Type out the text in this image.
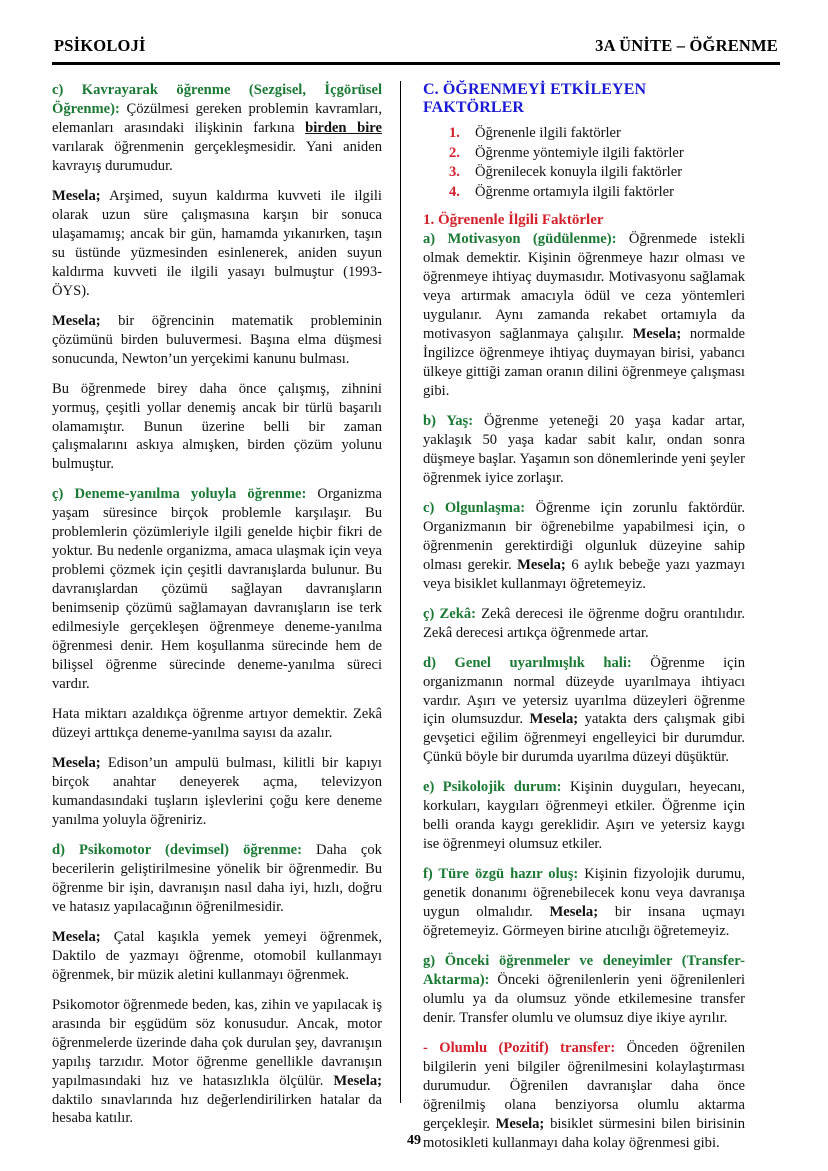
PSİKOLOJİ	3A ÜNİTE – ÖĞRENME

c) Kavrayarak öğrenme (Sezgisel, İçgörüsel Öğrenme): Çözülmesi gereken problemin kavramları, elemanları arasındaki ilişkinin farkına birden bire varılarak öğrenmenin gerçekleşmesidir. Yani aniden kavrayış durumudur.

Mesela; Arşimed, suyun kaldırma kuvveti ile ilgili olarak uzun süre çalışmasına karşın bir sonuca ulaşamamış; ancak bir gün, hamamda yıkanırken, taşın su üstünde yüzmesinden esinlenerek, aniden suyun kaldırma kuvveti ile ilgili yasayı bulmuştur (1993-ÖYS).

Mesela; bir öğrencinin matematik probleminin çözümünü birden buluvermesi. Başına elma düşmesi sonucunda, Newton’un yerçekimi kanunu bulması.

Bu öğrenmede birey daha önce çalışmış, zihnini yormuş, çeşitli yollar denemiş ancak bir türlü başarılı olamamıştır. Bunun üzerine belli bir zaman çalışmalarını askıya almışken, birden çözüm yolunu bulmuştur.

ç) Deneme-yanılma yoluyla öğrenme: Organizma yaşam süresince birçok problemle karşılaşır. Bu problemlerin çözümleriyle ilgili genelde hiçbir fikri de yoktur. Bu nedenle organizma, amaca ulaşmak için veya problemi çözmek için çeşitli davranışlarda bulunur. Bu davranışlardan çözümü sağlayan davranışların benimsenip çözümü sağlamayan davranışların ise terk edilmesiyle gerçekleşen öğrenmeye deneme-yanılma öğrenmesi denir. Hem koşullanma sürecinde hem de bilişsel öğrenme sürecinde deneme-yanılma süreci vardır.

Hata miktarı azaldıkça öğrenme artıyor demektir. Zekâ düzeyi arttıkça deneme-yanılma sayısı da azalır.

Mesela; Edison’un ampulü bulması, kilitli bir kapıyı birçok anahtar deneyerek açma, televizyon kumandasındaki tuşların işlevlerini çoğu kere deneme yanılma yoluyla öğreniriz.

d) Psikomotor (devimsel) öğrenme: Daha çok becerilerin geliştirilmesine yönelik bir öğrenmedir. Bu öğrenme bir işin, davranışın nasıl daha iyi, hızlı, doğru ve hatasız yapılacağının öğrenilmesidir.

Mesela; Çatal kaşıkla yemek yemeyi öğrenmek, Daktilo de yazmayı öğrenme, otomobil kullanmayı öğrenmek, bir müzik aletini kullanmayı öğrenmek.

Psikomotor öğrenmede beden, kas, zihin ve yapılacak iş arasında bir eşgüdüm söz konusudur. Ancak, motor öğrenmelerde üzerinde daha çok durulan şey, davranışın yapılış tarzıdır. Motor öğrenme genellikle davranışın yapılmasındaki hız ve hatasızlıkla ölçülür. Mesela; daktilo sınavlarında hız değerlendirilirken hatalar da hesaba katılır.

C. ÖĞRENMEYİ ETKİLEYEN FAKTÖRLER
1.	Öğrenenle ilgili faktörler
2.	Öğrenme yöntemiyle ilgili faktörler
3.	Öğrenilecek konuyla ilgili faktörler
4.	Öğrenme ortamıyla ilgili faktörler
1. Öğrenenle İlgili Faktörler

a) Motivasyon (güdülenme): Öğrenmede istekli olmak demektir. Kişinin öğrenmeye hazır olması ve öğrenmeye ihtiyaç duymasıdır. Motivasyonu sağlamak veya artırmak amacıyla ödül ve ceza yöntemleri uygulanır. Aynı zamanda rekabet ortamıyla da motivasyon sağlanmaya çalışılır. Mesela; normalde İngilizce öğrenmeye ihtiyaç duymayan birisi, yabancı ülkeye gittiği zaman oranın dilini öğrenmeye çalışması gibi.

b) Yaş: Öğrenme yeteneği 20 yaşa kadar artar, yaklaşık 50 yaşa kadar sabit kalır, ondan sonra düşmeye başlar. Yaşamın son dönemlerinde yeni şeyler öğrenmek iyice zorlaşır.

c) Olgunlaşma: Öğrenme için zorunlu faktördür. Organizmanın bir öğrenebilme yapabilmesi için, o öğrenmenin gerektirdiği olgunluk düzeyine sahip olması gerekir. Mesela; 6 aylık bebeğe yazı yazmayı veya bisiklet kullanmayı öğretemeyiz.

ç) Zekâ: Zekâ derecesi ile öğrenme doğru orantılıdır. Zekâ derecesi artıkça öğrenmede artar.

d) Genel uyarılmışlık hali: Öğrenme için organizmanın normal düzeyde uyarılmaya ihtiyacı vardır. Aşırı ve yetersiz uyarılma düzeyleri öğrenme için olumsuzdur. Mesela; yatakta ders çalışmak gibi gevşetici eğilim öğrenmeyi engelleyici bir durumdur. Çünkü böyle bir durumda uyarılma düzeyi düşüktür.

e) Psikolojik durum: Kişinin duyguları, heyecanı, korkuları, kaygıları öğrenmeyi etkiler. Öğrenme için belli oranda kaygı gereklidir. Aşırı ve yetersiz kaygı ise öğrenmeyi olumsuz etkiler.

f) Türe özgü hazır oluş: Kişinin fizyolojik durumu, genetik donanımı öğrenebilecek konu veya davranışa uygun olmalıdır. Mesela; bir insana uçmayı öğretemeyiz. Görmeyen birine atıcılığı öğretemeyiz.

g) Önceki öğrenmeler ve deneyimler (Transfer-Aktarma): Önceki öğrenilenlerin yeni öğrenilenleri olumlu ya da olumsuz yönde etkilemesine transfer denir. Transfer olumlu ve olumsuz diye ikiye ayrılır.

- Olumlu (Pozitif) transfer: Önceden öğrenilen bilgilerin yeni bilgiler öğrenilmesini kolaylaştırması durumudur. Öğrenilen davranışlar daha önce öğrenilmiş olana benziyorsa olumlu aktarma gerçekleşir. Mesela; bisiklet sürmesini bilen birisinin motosikleti kullanmayı daha kolay öğrenmesi gibi.

49
